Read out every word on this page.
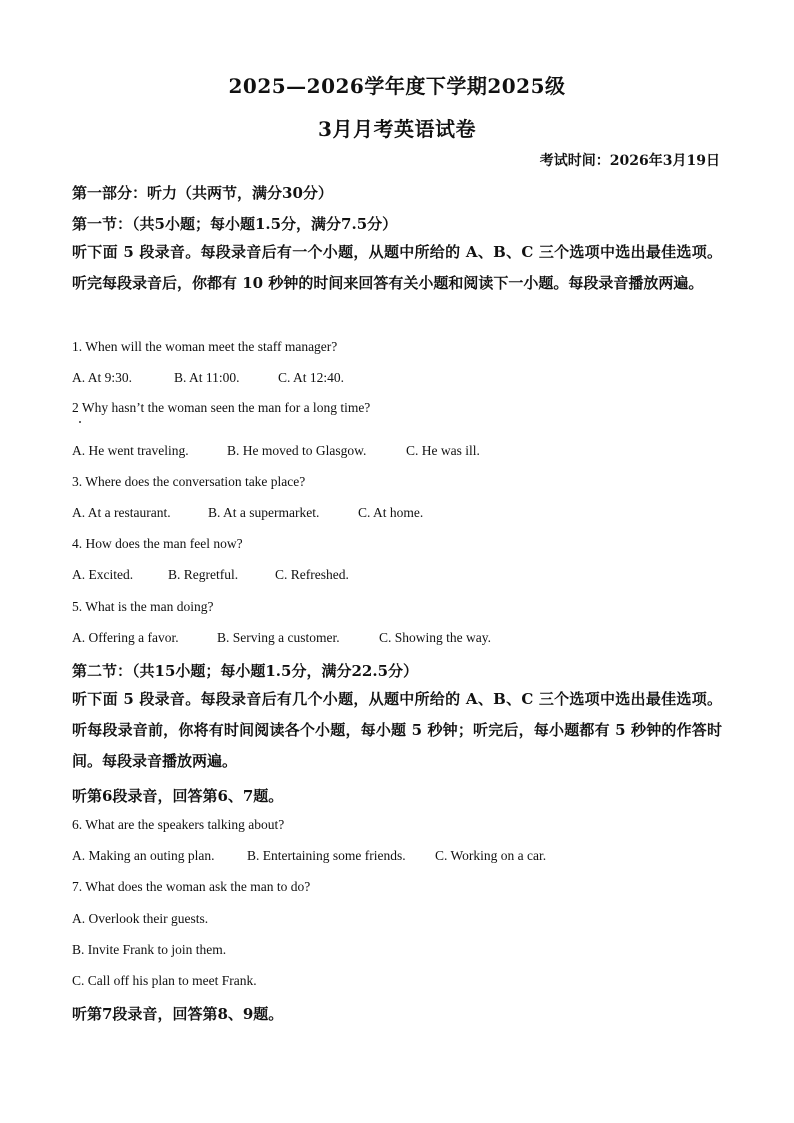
2025—2026学年度下学期2025级
3月月考英语试卷
考试时间：2026年3月19日
第一部分：听力（共两节，满分30分）
第一节：（共5小题；每小题1.5分，满分7.5分）
听下面 5 段录音。每段录音后有一个小题，从题中所给的 A、B、C 三个选项中选出最佳选项。听完每段录音后，你都有 10 秒钟的时间来回答有关小题和阅读下一小题。每段录音播放两遍。
1. When will the woman meet the staff manager?
A. At 9:30.	B. At 11:00.	C. At 12:40.
2 Why hasn’t the woman seen the man for a long time?
A. He went traveling.	B. He moved to Glasgow.	C. He was ill.
3. Where does the conversation take place?
A. At a restaurant.	B. At a supermarket.	C. At home.
4. How does the man feel now?
A. Excited.	B. Regretful.	C. Refreshed.
5. What is the man doing?
A. Offering a favor.	B. Serving a customer.	C. Showing the way.
第二节：（共15小题；每小题1.5分，满分22.5分）
听下面 5 段录音。每段录音后有几个小题，从题中所给的 A、B、C 三个选项中选出最佳选项。听每段录音前，你将有时间阅读各个小题，每小题 5 秒钟；听完后，每小题都有 5 秒钟的作答时间。每段录音播放两遍。
听第6段录音，回答第6、7题。
6. What are the speakers talking about?
A. Making an outing plan. B. Entertaining some friends. C. Working on a car.
7. What does the woman ask the man to do?
A. Overlook their guests.
B. Invite Frank to join them.
C. Call off his plan to meet Frank.
听第7段录音，回答第8、9题。
